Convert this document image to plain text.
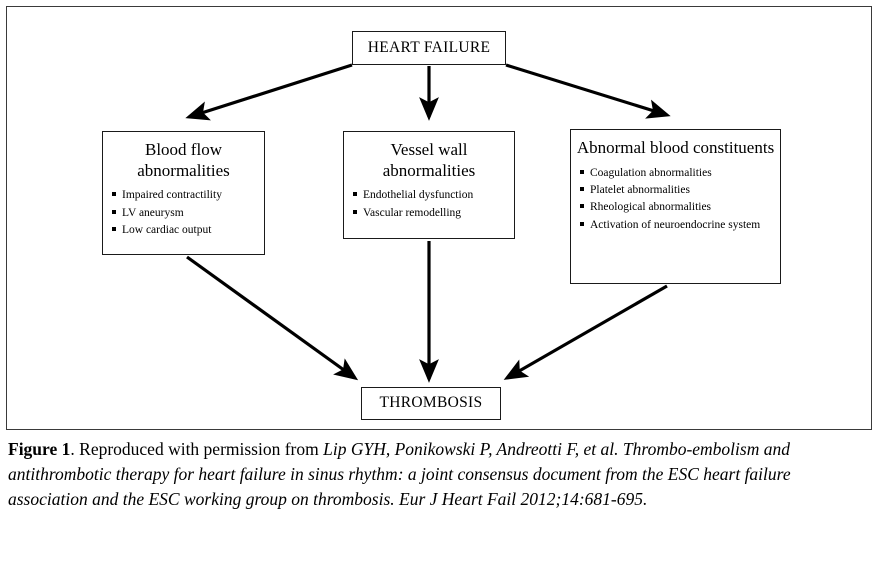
HEART FAILURE
Blood flow abnormalities
Impaired contractility
LV aneurysm
Low cardiac output
Vessel wall abnormalities
Endothelial dysfunction
Vascular remodelling
Abnormal blood constituents
Coagulation abnormalities
Platelet abnormalities
Rheological abnormalities
Activation of neuroendocrine system
THROMBOSIS
Figure 1. Reproduced with permission from Lip GYH, Ponikowski P, Andreotti F, et al. Thrombo-embolism and antithrombotic therapy for heart failure in sinus rhythm: a joint consensus document from the ESC heart failure association and the ESC working group on thrombosis. Eur J Heart Fail 2012;14:681-695.
